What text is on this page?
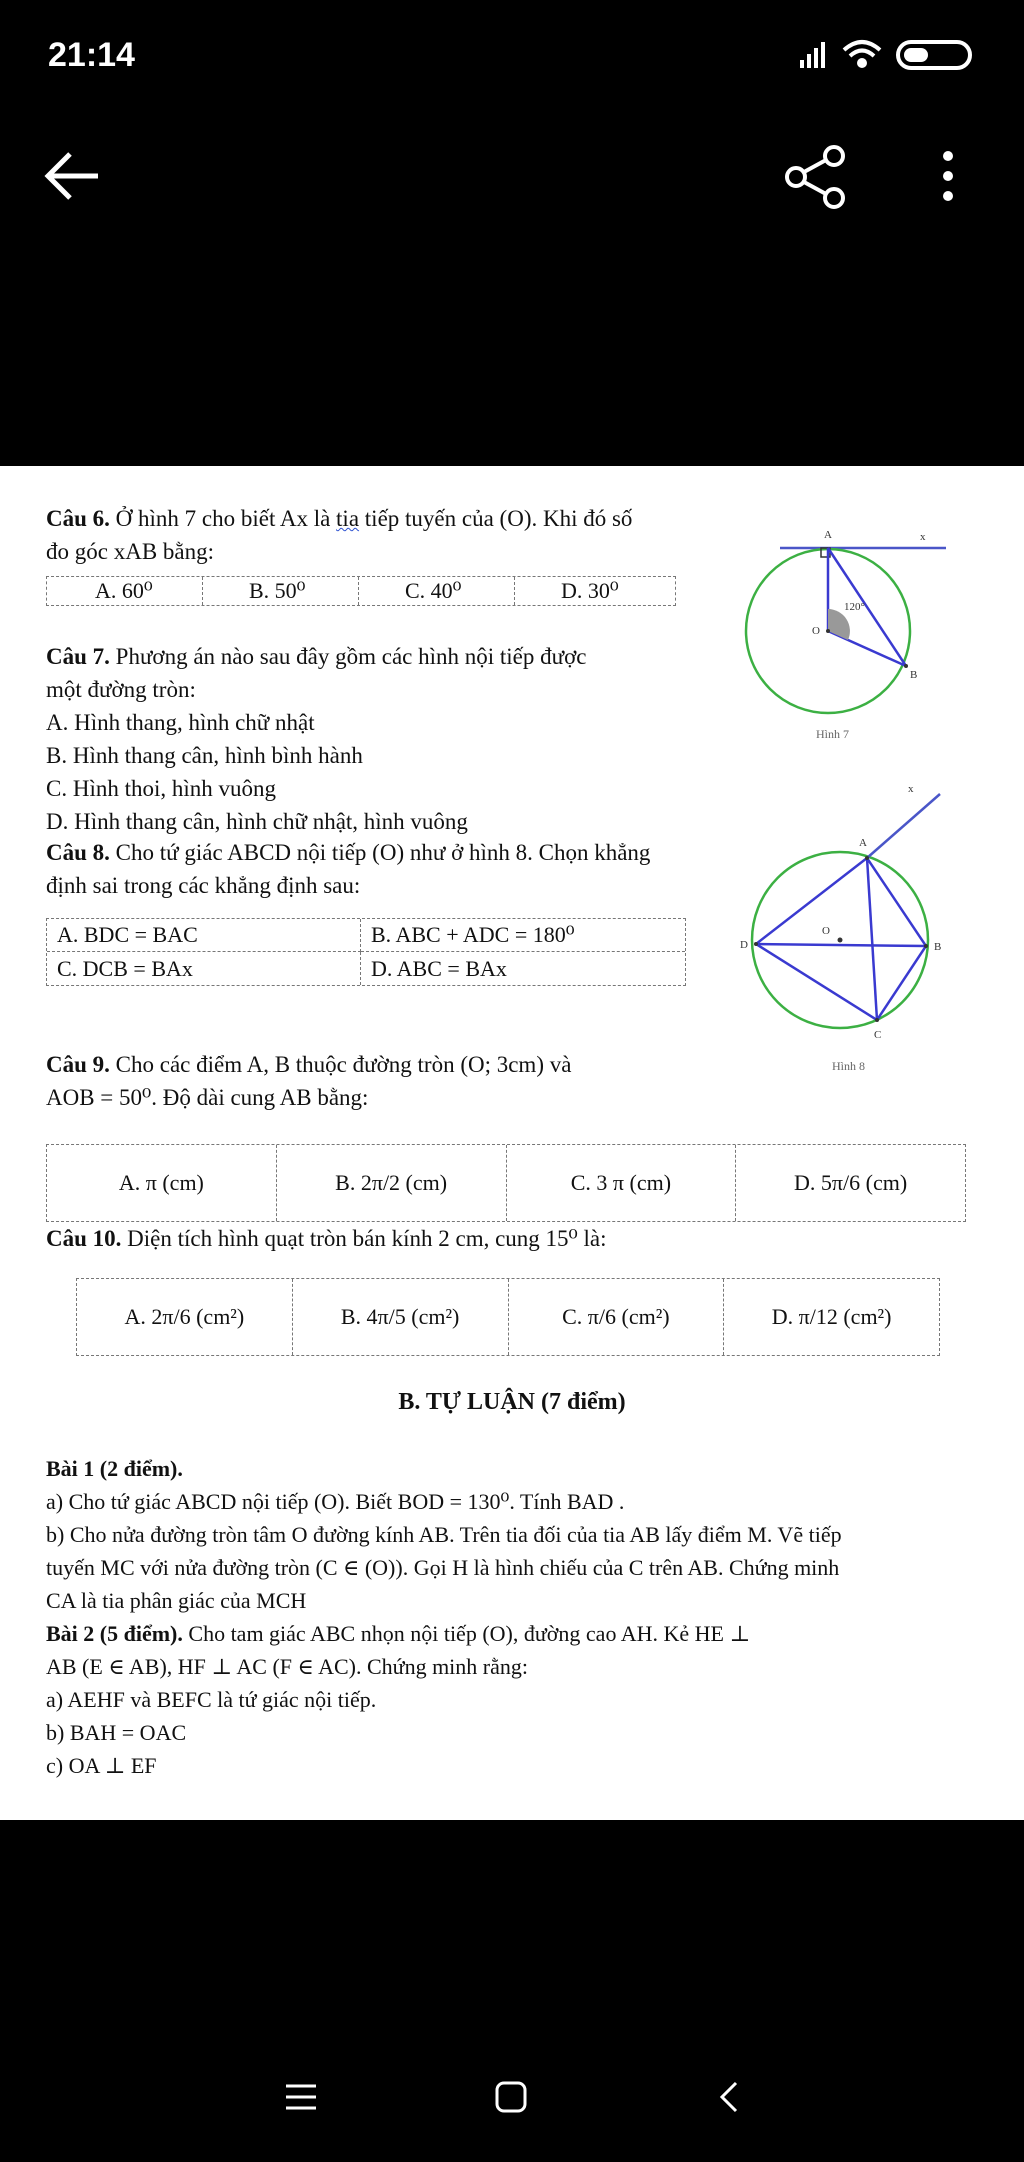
21:14
Câu 6. Ở hình 7 cho biết Ax là tia tiếp tuyến của (O). Khi đó số
đo góc xAB bằng:
A. 60⁰	B. 50⁰	C. 40⁰	D. 30⁰
A	x
O
B
120°
Hình 7
Câu 7. Phương án nào sau đây gồm các hình nội tiếp được
một đường tròn:
A. Hình thang, hình chữ nhật
B. Hình thang cân, hình bình hành
C. Hình thoi, hình vuông
D. Hình thang cân, hình chữ nhật, hình vuông
Câu 8. Cho tứ giác ABCD nội tiếp (O) như ở hình 8. Chọn khẳng
định sai trong các khẳng định sau:
A. BDC = BAC	B. ABC + ADC = 180⁰
C. DCB = BAx	D. ABC = BAx
A
B
C
D
O
x
Hình 8
Câu 9. Cho các điểm A, B thuộc đường tròn (O; 3cm) và
AOB = 50⁰. Độ dài cung AB bằng:
A. π (cm)	B. 2π/2 (cm)	C. 3 π (cm)	D. 5π/6 (cm)
Câu 10. Diện tích hình quạt tròn bán kính 2 cm, cung 15⁰ là:
A. 2π/6 (cm²)	B. 4π/5 (cm²)	C. π/6 (cm²)	D. π/12 (cm²)
B. TỰ LUẬN (7 điểm)
Bài 1 (2 điểm).
a) Cho tứ giác ABCD nội tiếp (O). Biết BOD = 130⁰. Tính BAD .
b) Cho nửa đường tròn tâm O đường kính AB. Trên tia đối của tia AB lấy điểm M. Vẽ tiếp
tuyến MC với nửa đường tròn (C ∈ (O)). Gọi H là hình chiếu của C trên AB. Chứng minh
CA là tia phân giác của MCH
Bài 2 (5 điểm). Cho tam giác ABC nhọn nội tiếp (O), đường cao AH. Kẻ HE ⊥
AB (E ∈ AB), HF ⊥ AC (F ∈ AC). Chứng minh rằng:
a) AEHF và BEFC là tứ giác nội tiếp.
b) BAH = OAC
c) OA ⊥ EF
